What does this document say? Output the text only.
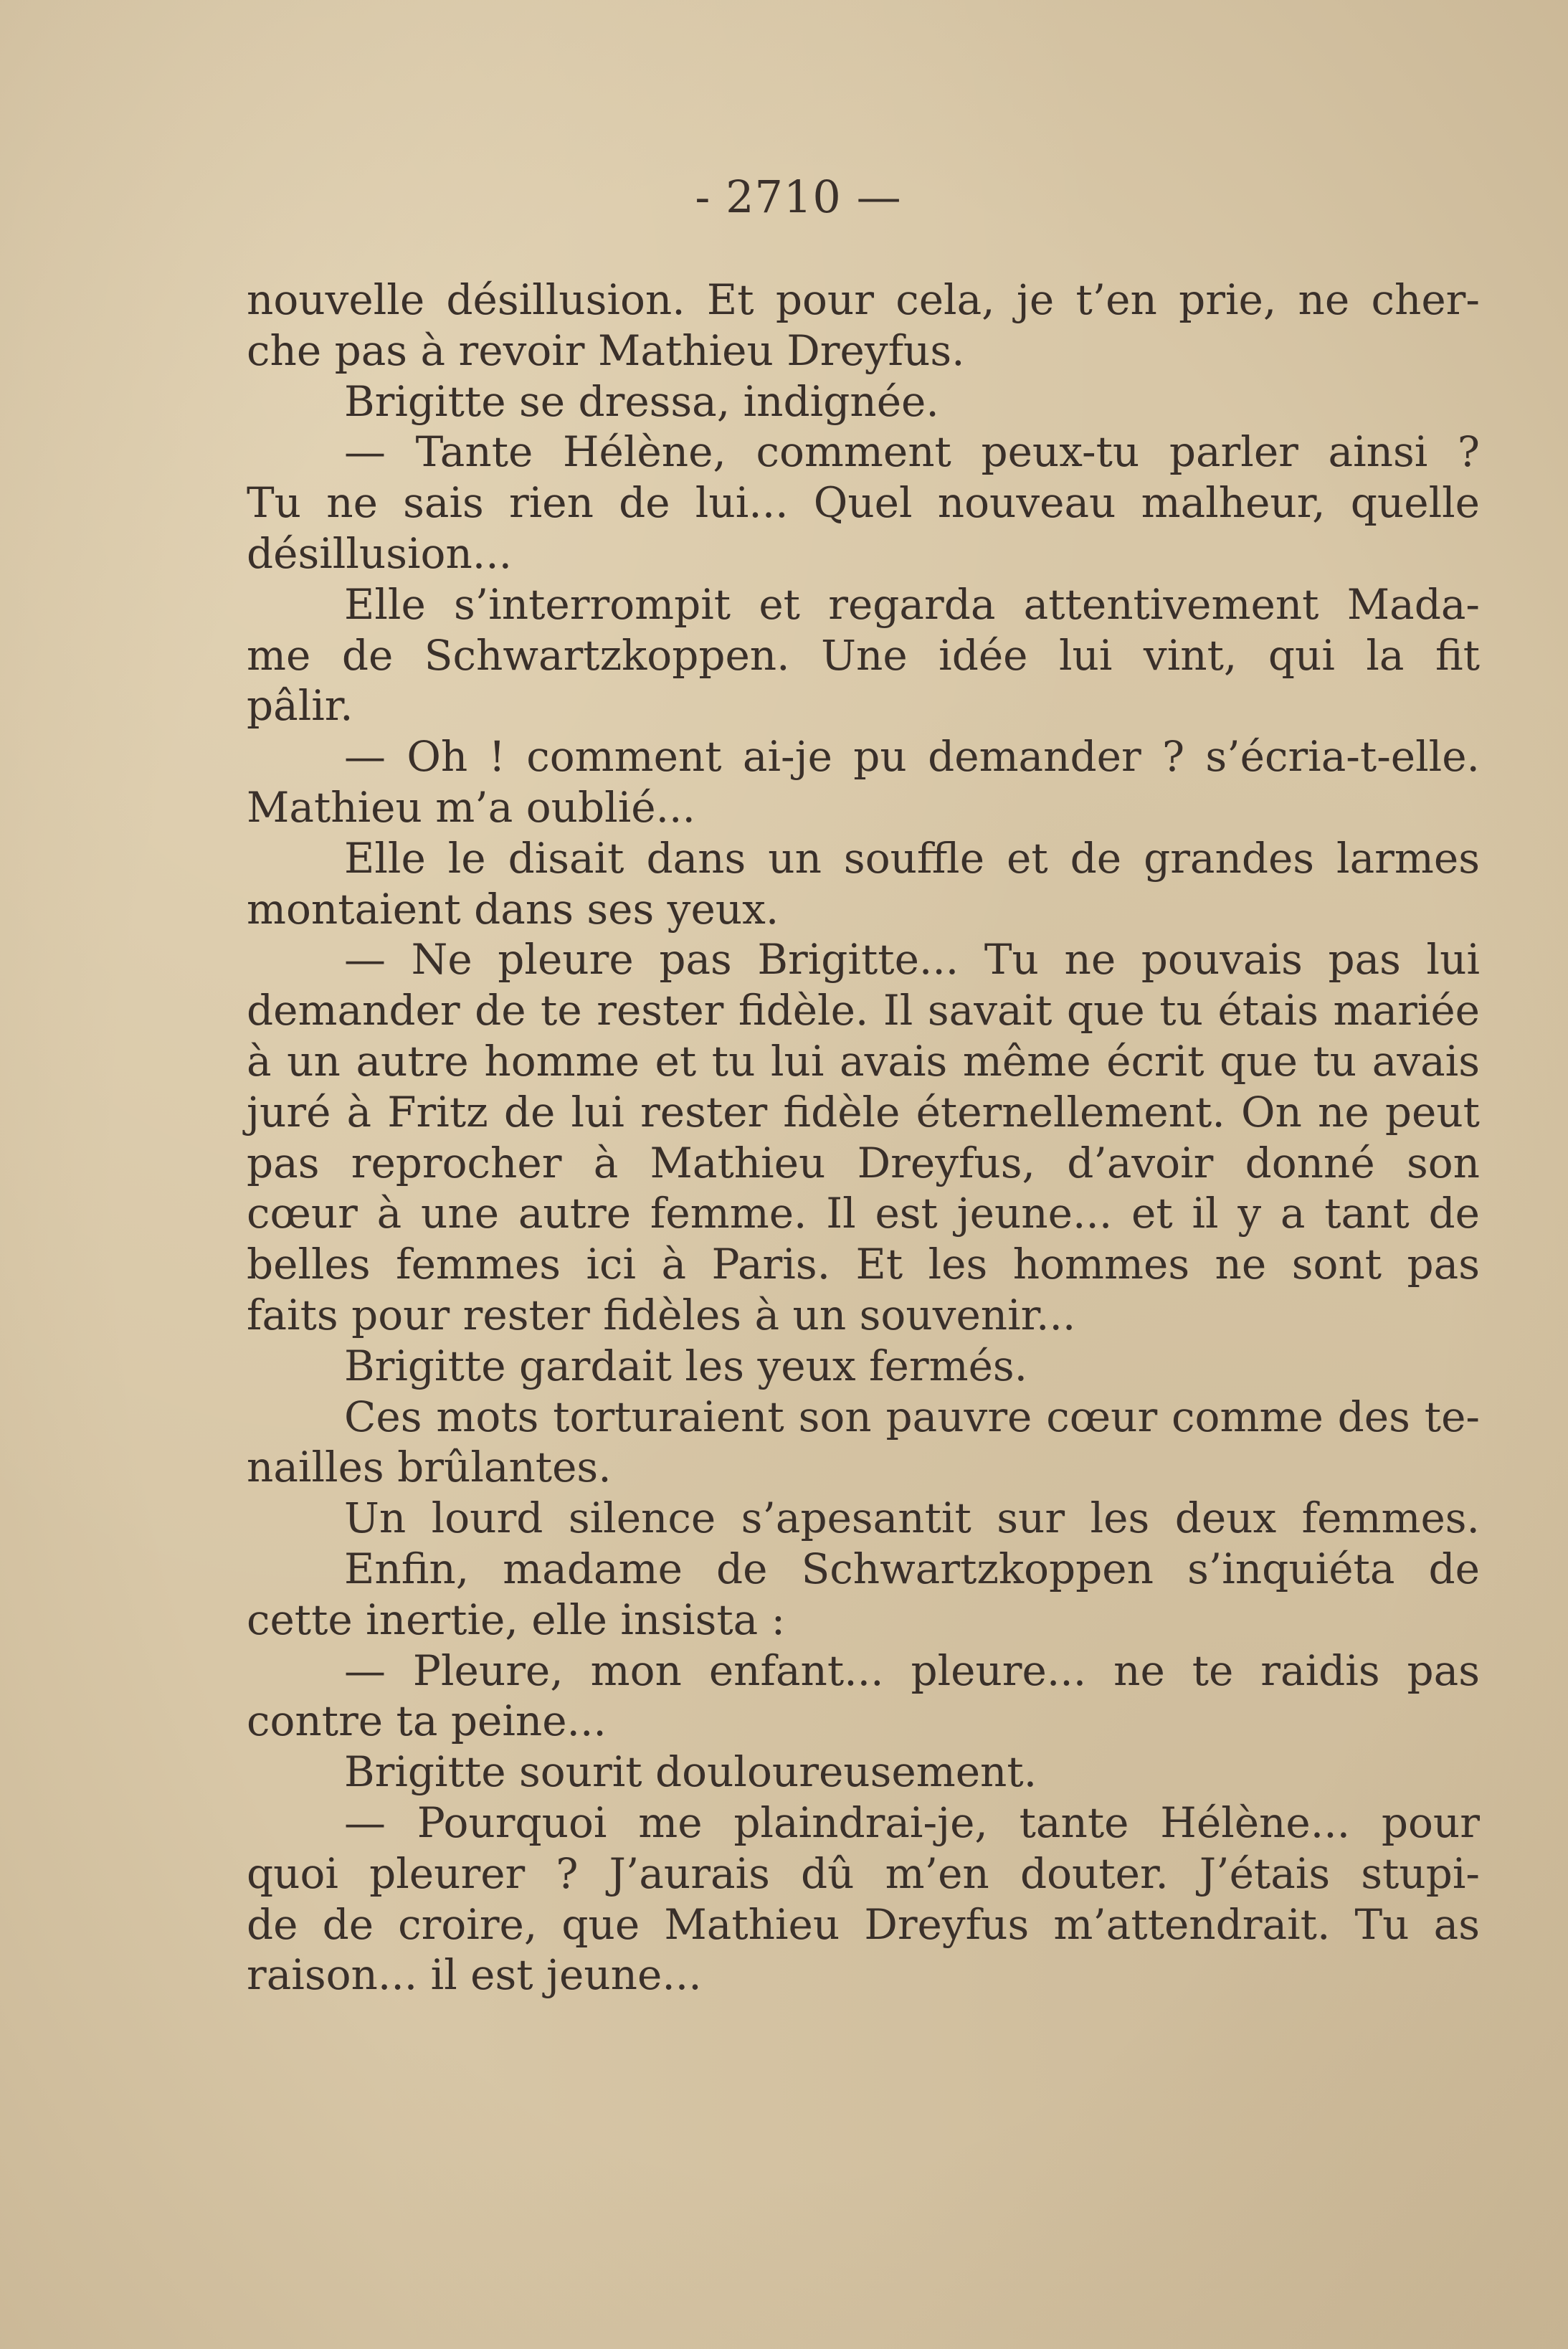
- 2710 —
nouvelle désillusion. Et pour cela, je t’en prie, ne cher-
che pas à revoir Mathieu Dreyfus.
Brigitte se dressa, indignée.
— Tante Hélène, comment peux-tu parler ainsi ?
Tu ne sais rien de lui... Quel nouveau malheur, quelle
désillusion...
Elle s’interrompit et regarda attentivement Mada-
me de Schwartzkoppen. Une idée lui vint, qui la fit
pâlir.
— Oh ! comment ai-je pu demander ? s’écria-t-elle.
Mathieu m’a oublié...
Elle le disait dans un souffle et de grandes larmes
montaient dans ses yeux.
— Ne pleure pas Brigitte... Tu ne pouvais pas lui
demander de te rester fidèle. Il savait que tu étais mariée
à un autre homme et tu lui avais même écrit que tu avais
juré à Fritz de lui rester fidèle éternellement. On ne peut
pas reprocher à Mathieu Dreyfus, d’avoir donné son
cœur à une autre femme. Il est jeune... et il y a tant de
belles femmes ici à Paris. Et les hommes ne sont pas
faits pour rester fidèles à un souvenir...
Brigitte gardait les yeux fermés.
Ces mots torturaient son pauvre cœur comme des te-
nailles brûlantes.
Un lourd silence s’apesantit sur les deux femmes.
Enfin, madame de Schwartzkoppen s’inquiéta de
cette inertie, elle insista :
— Pleure, mon enfant... pleure... ne te raidis pas
contre ta peine...
Brigitte sourit douloureusement.
— Pourquoi me plaindrai-je, tante Hélène... pour
quoi pleurer ? J’aurais dû m’en douter. J’étais stupi-
de de croire, que Mathieu Dreyfus m’attendrait. Tu as
raison... il est jeune...
